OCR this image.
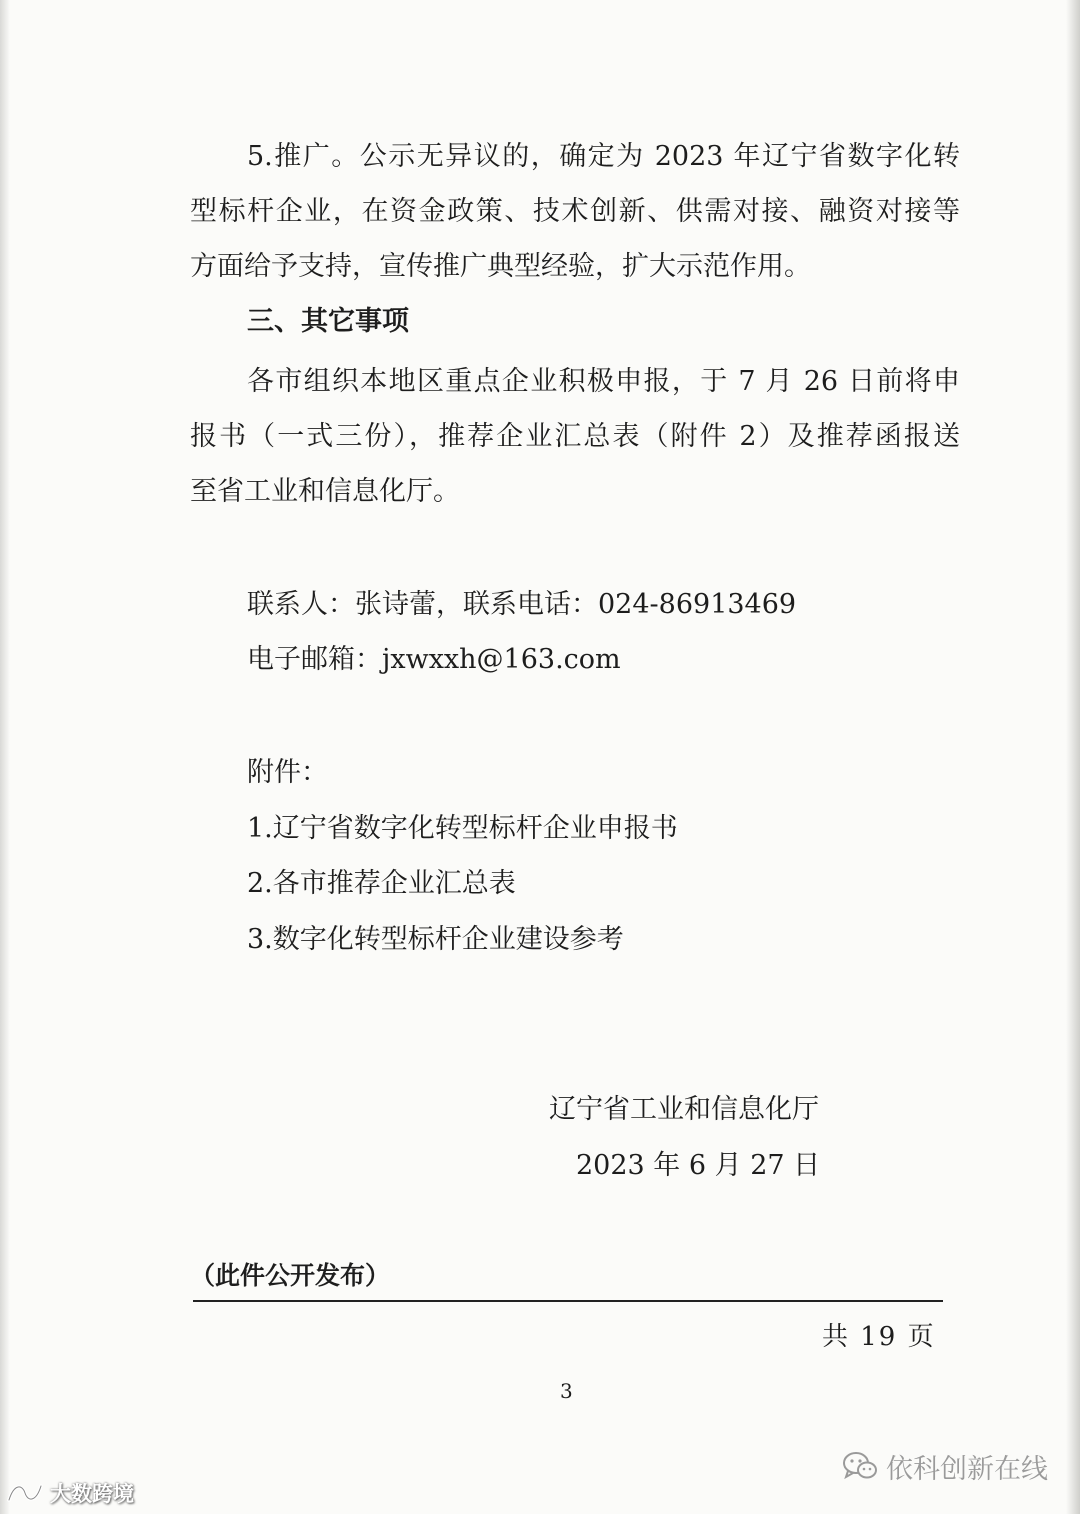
5.推广。公示无异议的，确定为 2023 年辽宁省数字化转
型标杆企业，在资金政策、技术创新、供需对接、融资对接等
方面给予支持，宣传推广典型经验，扩大示范作用。
三、其它事项
各市组织本地区重点企业积极申报，于 7 月 26 日前将申
报书（一式三份），推荐企业汇总表（附件 2）及推荐函报送
至省工业和信息化厅。
联系人：张诗蕾，联系电话：024-86913469
电子邮箱：jxwxxh@163.com
附件：
1.辽宁省数字化转型标杆企业申报书
2.各市推荐企业汇总表
3.数字化转型标杆企业建设参考
辽宁省工业和信息化厅
2023 年 6 月 27 日
（此件公开发布）
共 19 页
3
依科创新在线
大数跨境
